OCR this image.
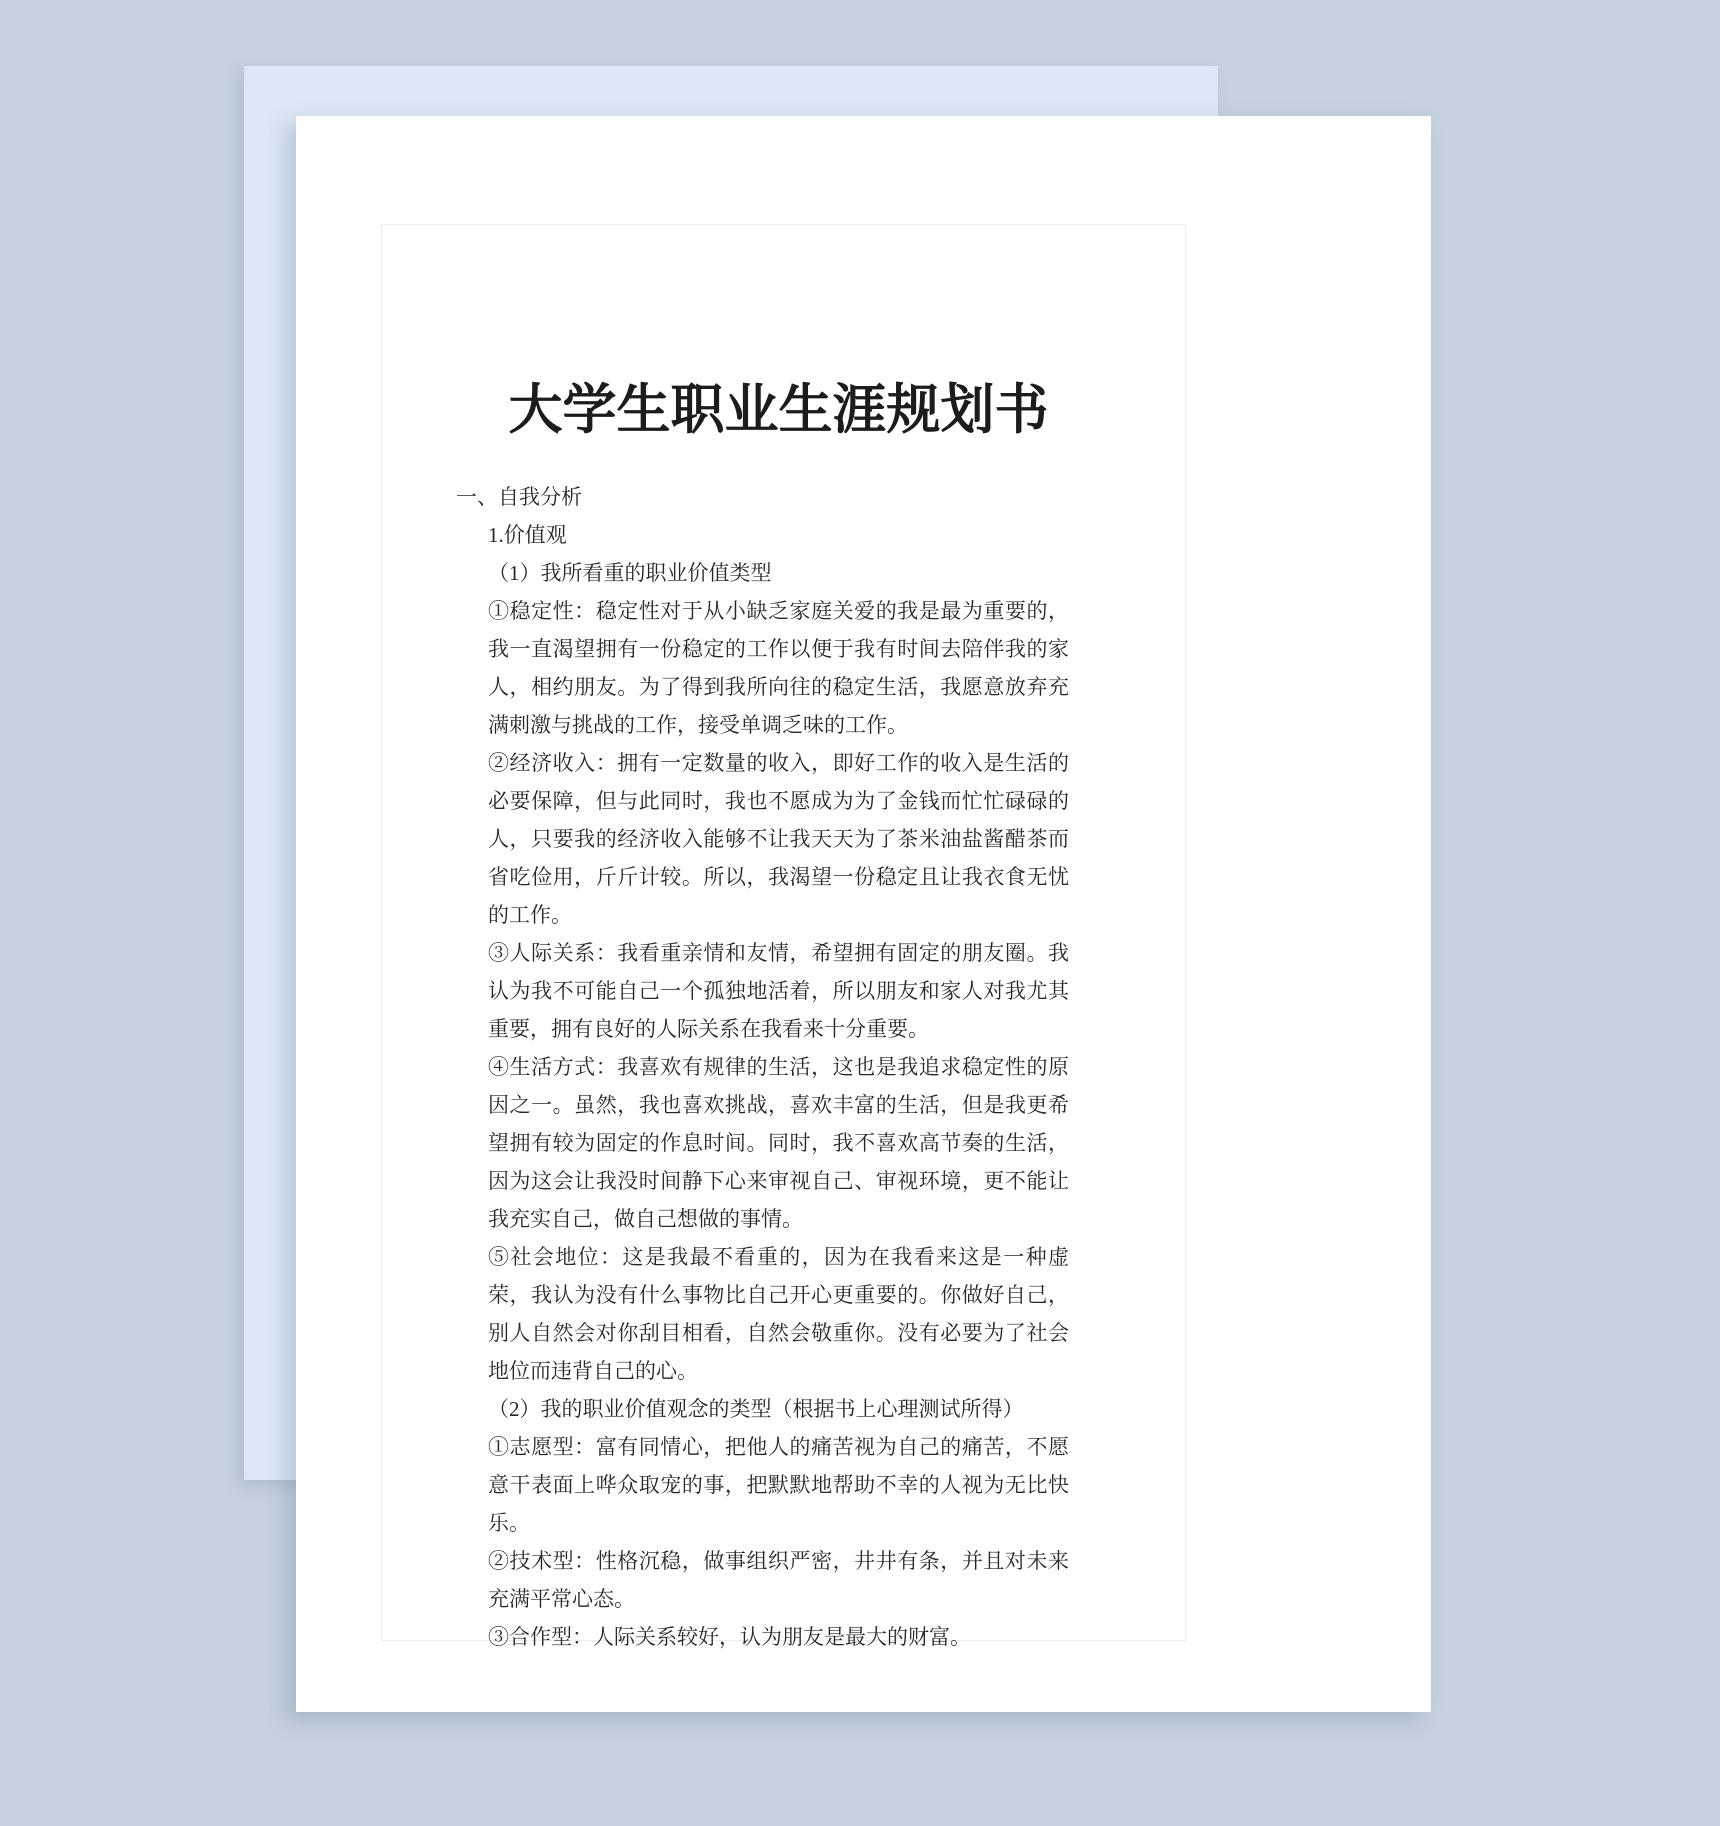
大学生职业生涯规划书

一、自我分析

1.价值观

（1）我所看重的职业价值类型

①稳定性：稳定性对于从小缺乏家庭关爱的我是最为重要的，我一直渴望拥有一份稳定的工作以便于我有时间去陪伴我的家人，相约朋友。为了得到我所向往的稳定生活，我愿意放弃充满刺激与挑战的工作，接受单调乏味的工作。

②经济收入：拥有一定数量的收入，即好工作的收入是生活的必要保障，但与此同时，我也不愿成为为了金钱而忙忙碌碌的人，只要我的经济收入能够不让我天天为了茶米油盐酱醋茶而省吃俭用，斤斤计较。所以，我渴望一份稳定且让我衣食无忧的工作。

③人际关系：我看重亲情和友情，希望拥有固定的朋友圈。我认为我不可能自己一个孤独地活着，所以朋友和家人对我尤其重要，拥有良好的人际关系在我看来十分重要。

④生活方式：我喜欢有规律的生活，这也是我追求稳定性的原因之一。虽然，我也喜欢挑战，喜欢丰富的生活，但是我更希望拥有较为固定的作息时间。同时，我不喜欢高节奏的生活，因为这会让我没时间静下心来审视自己、审视环境，更不能让我充实自己，做自己想做的事情。

⑤社会地位：这是我最不看重的，因为在我看来这是一种虚荣，我认为没有什么事物比自己开心更重要的。你做好自己，别人自然会对你刮目相看，自然会敬重你。没有必要为了社会地位而违背自己的心。

（2）我的职业价值观念的类型（根据书上心理测试所得）

①志愿型：富有同情心，把他人的痛苦视为自己的痛苦，不愿意干表面上哗众取宠的事，把默默地帮助不幸的人视为无比快乐。

②技术型：性格沉稳，做事组织严密，井井有条，并且对未来充满平常心态。

③合作型：人际关系较好，认为朋友是最大的财富。
